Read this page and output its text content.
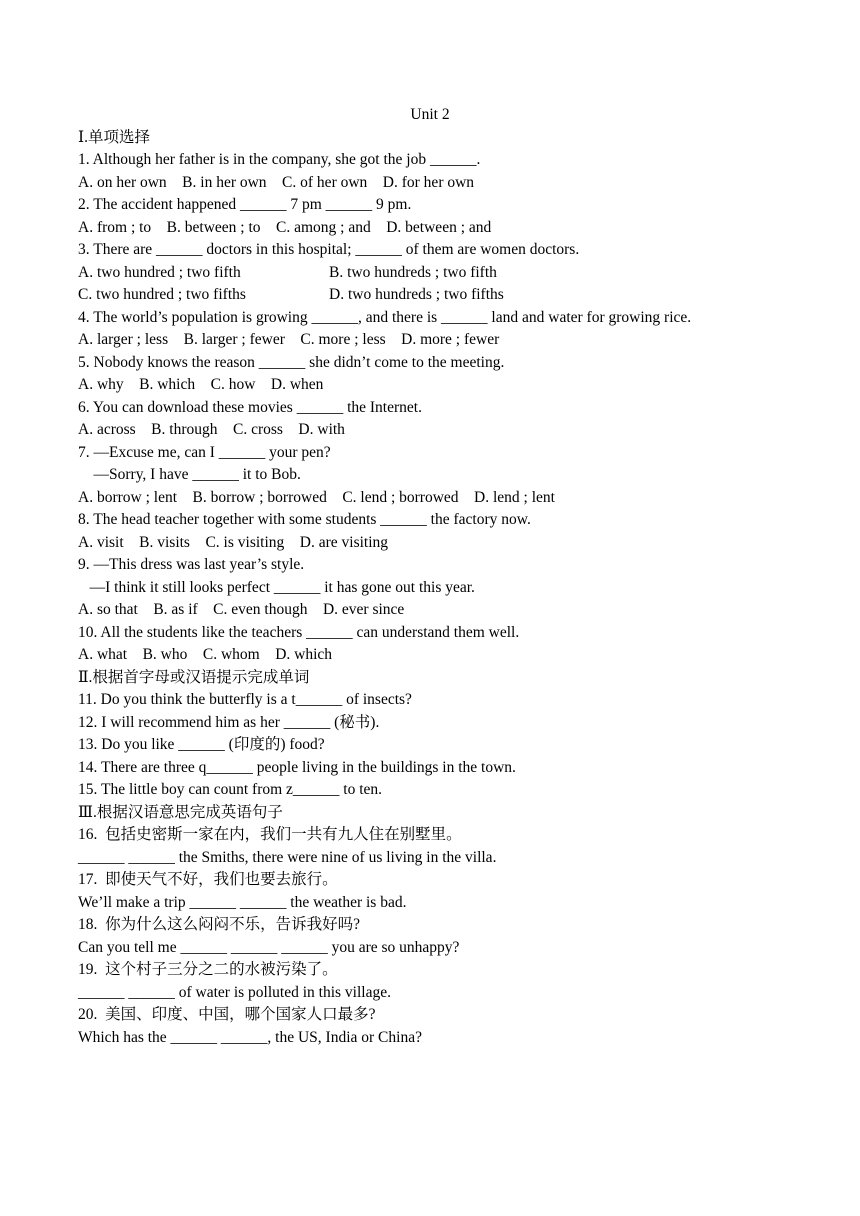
Unit 2
Ⅰ.单项选择
1. Although her father is in the company, she got the job ______.
A. on her own    B. in her own    C. of her own    D. for her own
2. The accident happened ______ 7 pm ______ 9 pm.
A. from ; to    B. between ; to    C. among ; and    D. between ; and
3. There are ______ doctors in this hospital; ______ of them are women doctors.
A. two hundred ; two fifth	B. two hundreds ; two fifth
C. two hundred ; two fifths	D. two hundreds ; two fifths
4. The world’s population is growing ______, and there is ______ land and water for growing rice.
A. larger ; less    B. larger ; fewer    C. more ; less    D. more ; fewer
5. Nobody knows the reason ______ she didn’t come to the meeting.
A. why    B. which    C. how    D. when
6. You can download these movies ______ the Internet.
A. across    B. through    C. cross    D. with
7. —Excuse me, can I ______ your pen?
—Sorry, I have ______ it to Bob.
A. borrow ; lent    B. borrow ; borrowed    C. lend ; borrowed    D. lend ; lent
8. The head teacher together with some students ______ the factory now.
A. visit    B. visits    C. is visiting    D. are visiting
9. —This dress was last year’s style.
—I think it still looks perfect ______ it has gone out this year.
A. so that    B. as if    C. even though    D. ever since
10. All the students like the teachers ______ can understand them well.
A. what    B. who    C. whom    D. which
Ⅱ.根据首字母或汉语提示完成单词
11. Do you think the butterfly is a t______ of insects?
12. I will recommend him as her ______ (秘书).
13. Do you like ______ (印度的) food?
14. There are three q______ people living in the buildings in the town.
15. The little boy can count from z______ to ten.
Ⅲ.根据汉语意思完成英语句子
16.  包括史密斯一家在内，我们一共有九人住在别墅里。
______ ______ the Smiths, there were nine of us living in the villa.
17.  即使天气不好，我们也要去旅行。
We’ll make a trip ______ ______ the weather is bad.
18.  你为什么这么闷闷不乐，告诉我好吗?
Can you tell me ______ ______ ______ you are so unhappy?
19.  这个村子三分之二的水被污染了。
______ ______ of water is polluted in this village.
20.  美国、印度、中国，哪个国家人口最多?
Which has the ______ ______, the US, India or China?
